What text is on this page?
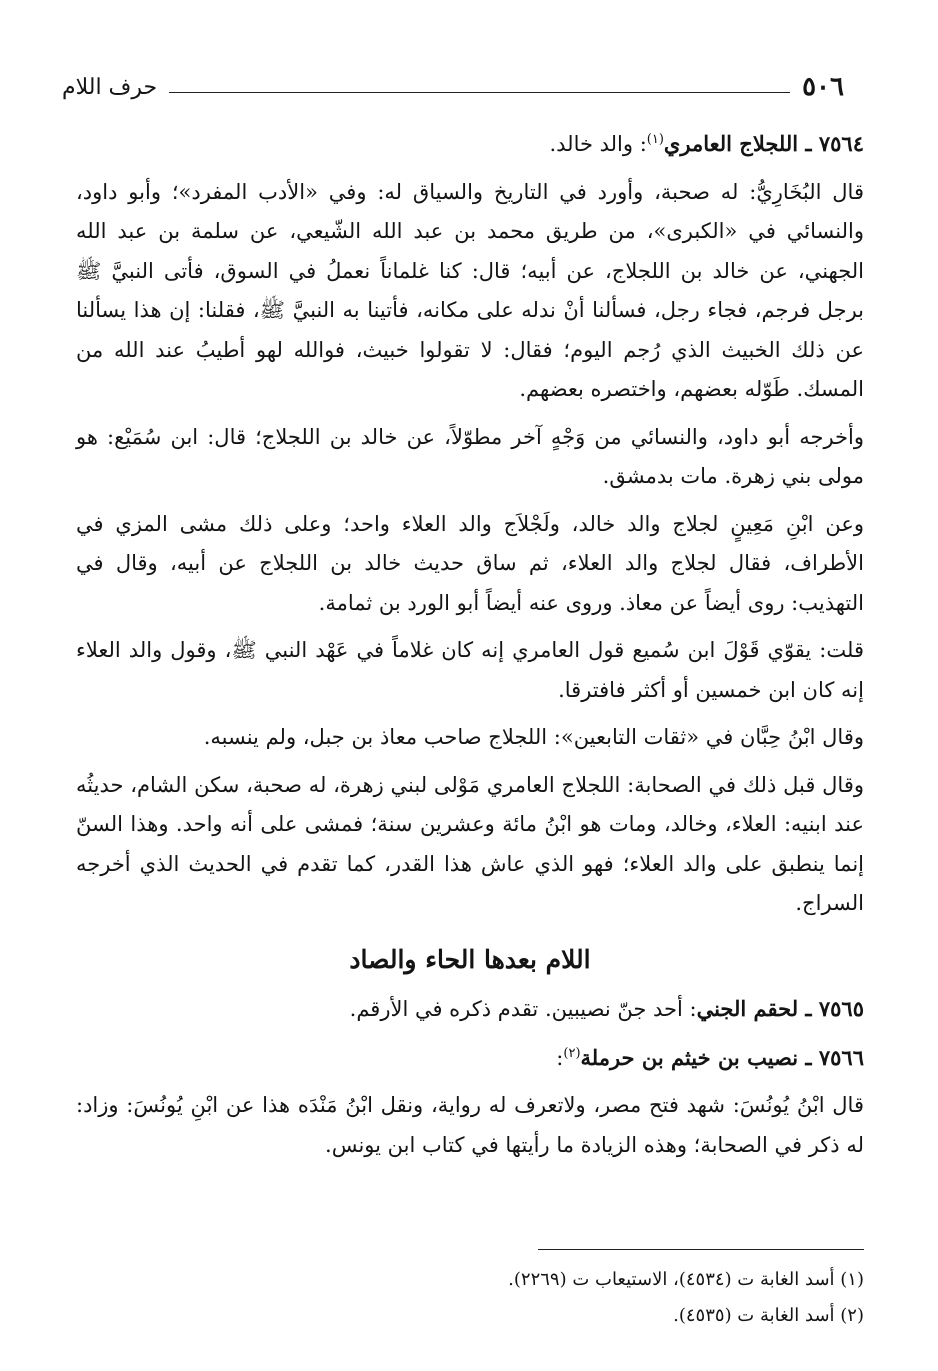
٥٠٦
حرف اللام

٧٥٦٤ ـ اللجلاج العامري$^{(١)}$: والد خالد.

قال البُخَارِيُّ: له صحبة، وأورد في التاريخ والسياق له: وفي «الأدب المفرد»؛ وأبو داود، والنسائي في «الكبرى»، من طريق محمد بن عبد الله الشّيعي، عن سلمة بن عبد الله الجهني، عن خالد بن اللجلاج، عن أبيه؛ قال: كنا غلماناً نعملُ في السوق، فأتى النبيَّ ﷺ برجل فرجم، فجاء رجل، فسألنا أنْ ندله على مكانه، فأتينا به النبيَّ ﷺ، فقلنا: إن هذا يسألنا عن ذلك الخبيث الذي رُجم اليوم؛ فقال: لا تقولوا خبيث، فوالله لهو أطيبُ عند الله من المسك. طَوّله بعضهم، واختصره بعضهم.

وأخرجه أبو داود، والنسائي من وَجْهٍ آخر مطوّلاً، عن خالد بن اللجلاج؛ قال: ابن سُمَيْع: هو مولى بني زهرة. مات بدمشق.

وعن ابْنِ مَعِينٍ لجلاج والد خالد، ولَجْلاَج والد العلاء واحد؛ وعلى ذلك مشى المزي في الأطراف، فقال لجلاج والد العلاء، ثم ساق حديث خالد بن اللجلاج عن أبيه، وقال في التهذيب: روى أيضاً عن معاذ. وروى عنه أيضاً أبو الورد بن ثمامة.

قلت: يقوّي قَوْلَ ابن سُميع قول العامري إنه كان غلاماً في عَهْد النبي ﷺ، وقول والد العلاء إنه كان ابن خمسين أو أكثر فافترقا.

وقال ابْنُ حِبَّان في «ثقات التابعين»: اللجلاج صاحب معاذ بن جبل، ولم ينسبه.

وقال قبل ذلك في الصحابة: اللجلاج العامري مَوْلى لبني زهرة، له صحبة، سكن الشام، حديثُه عند ابنيه: العلاء، وخالد، ومات هو ابْنُ مائة وعشرين سنة؛ فمشى على أنه واحد. وهذا السنّ إنما ينطبق على والد العلاء؛ فهو الذي عاش هذا القدر، كما تقدم في الحديث الذي أخرجه السراج.

اللام بعدها الحاء والصاد

٧٥٦٥ ـ لحقم الجني: أحد جنّ نصيبين. تقدم ذكره في الأرقم.

٧٥٦٦ ـ نصيب بن خيثم بن حرملة$^{(٢)}$:

قال ابْنُ يُونُسَ: شهد فتح مصر، ولاتعرف له رواية، ونقل ابْنُ مَنْدَه هذا عن ابْنِ يُونُسَ: وزاد: له ذكر في الصحابة؛ وهذه الزيادة ما رأيتها في كتاب ابن يونس.

(١) أسد الغابة ت (٤٥٣٤)، الاستيعاب ت (٢٢٦٩).
(٢) أسد الغابة ت (٤٥٣٥).
